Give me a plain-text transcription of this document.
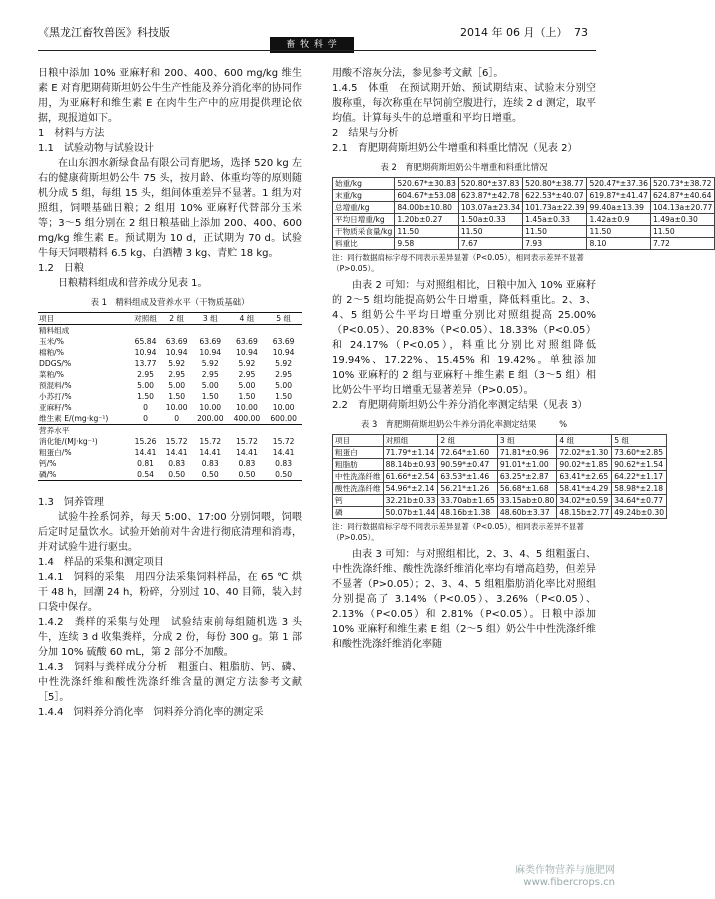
《黑龙江畜牧兽医》科技版
畜 牧 科 学
2014 年 06 月（上） 73

日粮中添加 10% 亚麻籽和 200、400、600 mg/kg 维生素 E 对育肥期荷斯坦奶公牛生产性能及养分消化率的协同作用，为亚麻籽和维生素 E 在肉牛生产中的应用提供理论依据，现报道如下。

1　材料与方法

1.1　试验动物与试验设计

在山东泗水新绿食品有限公司育肥场，选择 520 kg 左右的健康荷斯坦奶公牛 75 头，按月龄、体重均等的原则随机分成 5 组，每组 15 头，组间体重差异不显著。1 组为对照组，饲喂基础日粮；2 组用 10% 亚麻籽代替部分玉米等；3～5 组分别在 2 组日粮基础上添加 200、400、600 mg/kg 维生素 E。预试期为 10 d，正试期为 70 d。试验牛每天饲喂精料 6.5 kg、白酒糟 3 kg、青贮 18 kg。

1.2　日粮

日粮精料组成和营养成分见表 1。

表 1　精料组成及营养水平（干物质基础）
项目	对照组	2 组	3 组	4 组	5 组
精料组成					
玉米/%	65.84	63.69	63.69	63.69	63.69
棉粕/%	10.94	10.94	10.94	10.94	10.94
DDGS/%	13.77	5.92	5.92	5.92	5.92
菜粕/%	2.95	2.95	2.95	2.95	2.95
预混料/%	5.00	5.00	5.00	5.00	5.00
小苏打/%	1.50	1.50	1.50	1.50	1.50
亚麻籽/%	0	10.00	10.00	10.00	10.00
维生素 E/(mg·kg⁻¹)	0	0	200.00	400.00	600.00
营养水平					
消化能/(MJ·kg⁻¹)	15.26	15.72	15.72	15.72	15.72
粗蛋白/%	14.41	14.41	14.41	14.41	14.41
钙/%	0.81	0.83	0.83	0.83	0.83
磷/%	0.54	0.50	0.50	0.50	0.50

1.3　饲养管理

试验牛拴系饲养，每天 5:00、17:00 分别饲喂，饲喂后定时足量饮水。试验开始前对牛舍进行彻底清理和消毒，并对试验牛进行驱虫。

1.4　样品的采集和测定项目

1.4.1　饲料的采集　用四分法采集饲料样品，在 65 ℃ 烘干 48 h，回潮 24 h，粉碎，分别过 10、40 目筛，装入封口袋中保存。

1.4.2　粪样的采集与处理　试验结束前每组随机选 3 头牛，连续 3 d 收集粪样，分成 2 份，每份 300 g。第 1 部分加 10% 硫酸 60 mL，第 2 部分不加酸。

1.4.3　饲料与粪样成分分析　粗蛋白、粗脂肪、钙、磷、中性洗涤纤维和酸性洗涤纤维含量的测定方法参考文献［5］。

1.4.4　饲料养分消化率　饲料养分消化率的测定采

用酸不溶灰分法，参见参考文献［6］。

1.4.5　体重　在预试期开始、预试期结束、试验末分别空腹称重，每次称重在早饲前空腹进行，连续 2 d 测定，取平均值。计算每头牛的总增重和平均日增重。

2　结果与分析

2.1　育肥期荷斯坦奶公牛增重和料重比情况（见表 2）

表 2　育肥期荷斯坦奶公牛增重和料重比情况
始重/kg	520.67*±30.83	520.80*±37.83	520.80*±38.77	520.47*±37.36	520.73*±38.72
末重/kg	604.67*±53.08	623.87*±42.78	622.53*±40.07	619.87*±41.47	624.87*±40.64
总增重/kg	84.00b±10.80	103.07a±23.34	101.73a±22.39	99.40a±13.39	104.13a±20.77
平均日增重/kg	1.20b±0.27	1.50a±0.33	1.45a±0.33	1.42a±0.9	1.49a±0.30
干物质采食量/kg	11.50	11.50	11.50	11.50	11.50
料重比	9.58	7.67	7.93	8.10	7.72
注：同行数据肩标字母不同表示差异显著（P<0.05），相同表示差异不显著（P>0.05）。

由表 2 可知：与对照组相比，日粮中加入 10% 亚麻籽的 2～5 组均能提高奶公牛日增重，降低料重比。2、3、4、5 组奶公牛平均日增重分别比对照组提高 25.00%（P<0.05）、20.83%（P<0.05）、18.33%（P<0.05）和 24.17%（P<0.05），料重比分别比对照组降低 19.94%、17.22%、15.45% 和 19.42%。单独添加 10% 亚麻籽的 2 组与亚麻籽＋维生素 E 组（3～5 组）相比奶公牛平均日增重无显著差异（P>0.05）。

2.2　育肥期荷斯坦奶公牛养分消化率测定结果（见表 3）

表 3　育肥期荷斯坦奶公牛养分消化率测定结果	%
项目	对照组	2 组	3 组	4 组	5 组
粗蛋白	71.79*±1.14	72.64*±1.60	71.81*±0.96	72.02*±1.30	73.60*±2.85
粗脂肪	88.14b±0.93	90.59*±0.47	91.01*±1.00	90.02*±1.85	90.62*±1.54
中性洗涤纤维	61.66*±2.54	63.53*±1.46	63.25*±2.87	63.41*±2.65	64.22*±1.17
酸性洗涤纤维	54.96*±2.14	56.21*±1.26	56.68*±1.68	58.41*±4.29	58.98*±2.18
钙	32.21b±0.33	33.70ab±1.65	33.15ab±0.80	34.02*±0.59	34.64*±0.77
磷	50.07b±1.44	48.16b±1.38	48.60b±3.37	48.15b±2.77	49.24b±0.30
注：同行数据肩标字母不同表示差异显著（P<0.05），相同表示差异不显著（P>0.05）。

由表 3 可知：与对照组相比，2、3、4、5 组粗蛋白、中性洗涤纤维、酸性洗涤纤维消化率均有增高趋势，但差异不显著（P>0.05）；2、3、4、5 组粗脂肪消化率比对照组分别提高了 3.14%（P<0.05）、3.26%（P<0.05）、2.13%（P<0.05）和 2.81%（P<0.05）。日粮中添加 10% 亚麻籽和维生素 E 组（2～5 组）奶公牛中性洗涤纤维和酸性洗涤纤维消化率随

麻类作物营养与施肥网
www.fibercrops.cn
